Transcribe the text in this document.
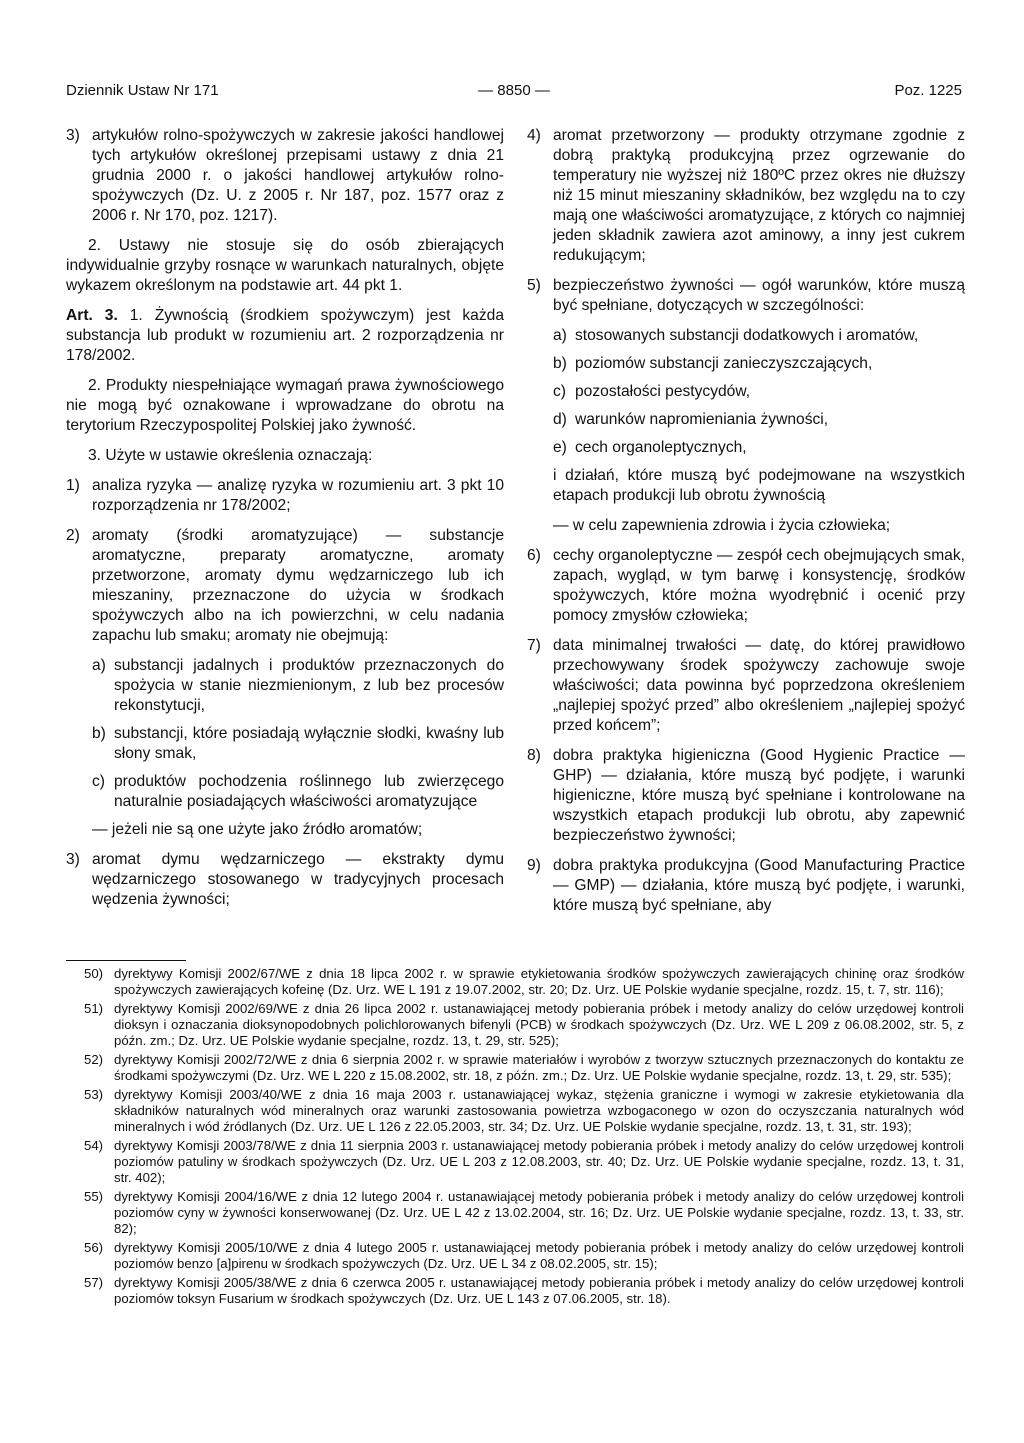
Dziennik Ustaw Nr 171	— 8850 —	Poz. 1225
3) artykułów rolno-spożywczych w zakresie jakości handlowej tych artykułów określonej przepisami ustawy z dnia 21 grudnia 2000 r. o jakości handlowej artykułów rolno-spożywczych (Dz. U. z 2005 r. Nr 187, poz. 1577 oraz z 2006 r. Nr 170, poz. 1217).

2. Ustawy nie stosuje się do osób zbierających indywidualnie grzyby rosnące w warunkach naturalnych, objęte wykazem określonym na podstawie art. 44 pkt 1.

Art. 3. 1. Żywnością (środkiem spożywczym) jest każda substancja lub produkt w rozumieniu art. 2 rozporządzenia nr 178/2002.

2. Produkty niespełniające wymagań prawa żywnościowego nie mogą być oznakowane i wprowadzane do obrotu na terytorium Rzeczypospolitej Polskiej jako żywność.

3. Użyte w ustawie określenia oznaczają:

1) analiza ryzyka — analizę ryzyka w rozumieniu art. 3 pkt 10 rozporządzenia nr 178/2002;
2) aromaty (środki aromatyzujące) — substancje aromatyczne, preparaty aromatyczne, aromaty przetworzone, aromaty dymu wędzarniczego lub ich mieszaniny, przeznaczone do użycia w środkach spożywczych albo na ich powierzchni, w celu nadania zapachu lub smaku; aromaty nie obejmują:
a) substancji jadalnych i produktów przeznaczonych do spożycia w stanie niezmienionym, z lub bez procesów rekonstytucji,
b) substancji, które posiadają wyłącznie słodki, kwaśny lub słony smak,
c) produktów pochodzenia roślinnego lub zwierzęcego naturalnie posiadających właściwości aromatyzujące
— jeżeli nie są one użyte jako źródło aromatów;
3) aromat dymu wędzarniczego — ekstrakty dymu wędzarniczego stosowanego w tradycyjnych procesach wędzenia żywności;
4) aromat przetworzony — produkty otrzymane zgodnie z dobrą praktyką produkcyjną przez ogrzewanie do temperatury nie wyższej niż 180ºC przez okres nie dłuższy niż 15 minut mieszaniny składników, bez względu na to czy mają one właściwości aromatyzujące, z których co najmniej jeden składnik zawiera azot aminowy, a inny jest cukrem redukującym;
5) bezpieczeństwo żywności — ogół warunków, które muszą być spełniane, dotyczących w szczególności:
a) stosowanych substancji dodatkowych i aromatów,
b) poziomów substancji zanieczyszczających,
c) pozostałości pestycydów,
d) warunków napromieniania żywności,
e) cech organoleptycznych,
i działań, które muszą być podejmowane na wszystkich etapach produkcji lub obrotu żywnością
— w celu zapewnienia zdrowia i życia człowieka;
6) cechy organoleptyczne — zespół cech obejmujących smak, zapach, wygląd, w tym barwę i konsystencję, środków spożywczych, które można wyodrębnić i ocenić przy pomocy zmysłów człowieka;
7) data minimalnej trwałości — datę, do której prawidłowo przechowywany środek spożywczy zachowuje swoje właściwości; data powinna być poprzedzona określeniem „najlepiej spożyć przed” albo określeniem „najlepiej spożyć przed końcem”;
8) dobra praktyka higieniczna (Good Hygienic Practice — GHP) — działania, które muszą być podjęte, i warunki higieniczne, które muszą być spełniane i kontrolowane na wszystkich etapach produkcji lub obrotu, aby zapewnić bezpieczeństwo żywności;
9) dobra praktyka produkcyjna (Good Manufacturing Practice — GMP) — działania, które muszą być podjęte, i warunki, które muszą być spełniane, aby
50) dyrektywy Komisji 2002/67/WE z dnia 18 lipca 2002 r. w sprawie etykietowania środków spożywczych zawierających chininę oraz środków spożywczych zawierających kofeinę (Dz. Urz. WE L 191 z 19.07.2002, str. 20; Dz. Urz. UE Polskie wydanie specjalne, rozdz. 15, t. 7, str. 116);
51) dyrektywy Komisji 2002/69/WE z dnia 26 lipca 2002 r. ustanawiającej metody pobierania próbek i metody analizy do celów urzędowej kontroli dioksyn i oznaczania dioksynopodobnych polichlorowanych bifenyli (PCB) w środkach spożywczych (Dz. Urz. WE L 209 z 06.08.2002, str. 5, z późn. zm.; Dz. Urz. UE Polskie wydanie specjalne, rozdz. 13, t. 29, str. 525);
52) dyrektywy Komisji 2002/72/WE z dnia 6 sierpnia 2002 r. w sprawie materiałów i wyrobów z tworzyw sztucznych przeznaczonych do kontaktu ze środkami spożywczymi (Dz. Urz. WE L 220 z 15.08.2002, str. 18, z późn. zm.; Dz. Urz. UE Polskie wydanie specjalne, rozdz. 13, t. 29, str. 535);
53) dyrektywy Komisji 2003/40/WE z dnia 16 maja 2003 r. ustanawiającej wykaz, stężenia graniczne i wymogi w zakresie etykietowania dla składników naturalnych wód mineralnych oraz warunki zastosowania powietrza wzbogaconego w ozon do oczyszczania naturalnych wód mineralnych i wód źródlanych (Dz. Urz. UE L 126 z 22.05.2003, str. 34; Dz. Urz. UE Polskie wydanie specjalne, rozdz. 13, t. 31, str. 193);
54) dyrektywy Komisji 2003/78/WE z dnia 11 sierpnia 2003 r. ustanawiającej metody pobierania próbek i metody analizy do celów urzędowej kontroli poziomów patuliny w środkach spożywczych (Dz. Urz. UE L 203 z 12.08.2003, str. 40; Dz. Urz. UE Polskie wydanie specjalne, rozdz. 13, t. 31, str. 402);
55) dyrektywy Komisji 2004/16/WE z dnia 12 lutego 2004 r. ustanawiającej metody pobierania próbek i metody analizy do celów urzędowej kontroli poziomów cyny w żywności konserwowanej (Dz. Urz. UE L 42 z 13.02.2004, str. 16; Dz. Urz. UE Polskie wydanie specjalne, rozdz. 13, t. 33, str. 82);
56) dyrektywy Komisji 2005/10/WE z dnia 4 lutego 2005 r. ustanawiającej metody pobierania próbek i metody analizy do celów urzędowej kontroli poziomów benzo [a]pirenu w środkach spożywczych (Dz. Urz. UE L 34 z 08.02.2005, str. 15);
57) dyrektywy Komisji 2005/38/WE z dnia 6 czerwca 2005 r. ustanawiającej metody pobierania próbek i metody analizy do celów urzędowej kontroli poziomów toksyn Fusarium w środkach spożywczych (Dz. Urz. UE L 143 z 07.06.2005, str. 18).
